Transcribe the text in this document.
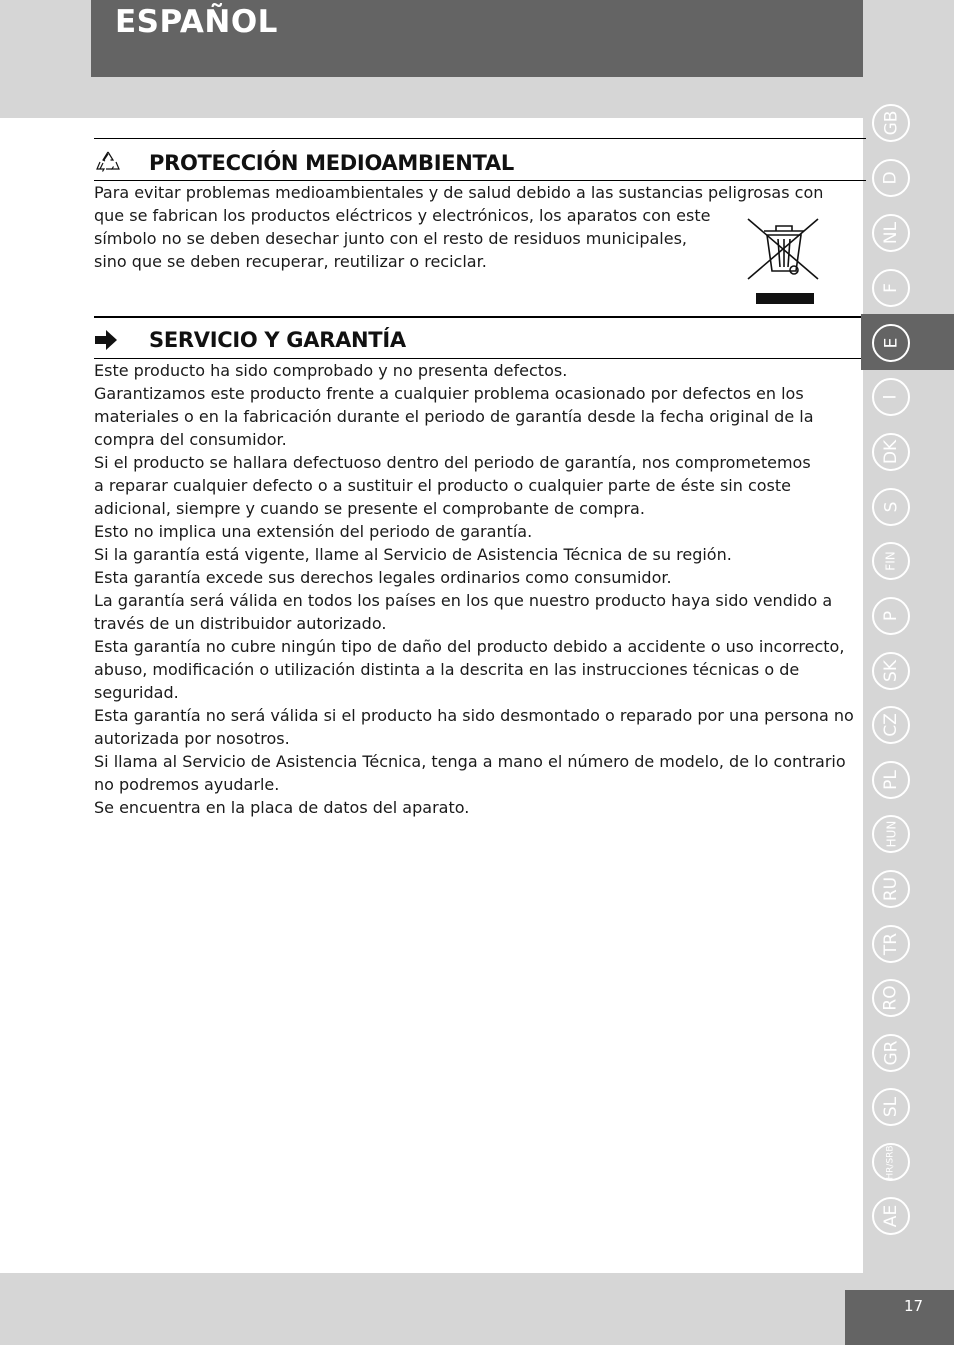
ESPAÑOL
PROTECCIÓN MEDIOAMBIENTAL
Para evitar problemas medioambientales y de salud debido a las sustancias peligrosas con
que se fabrican los productos eléctricos y electrónicos, los aparatos con este
símbolo no se deben desechar junto con el resto de residuos municipales,
sino que se deben recuperar, reutilizar o reciclar.
SERVICIO Y GARANTÍA
Este producto ha sido comprobado y no presenta defectos.
Garantizamos este producto frente a cualquier problema ocasionado por defectos en los
materiales o en la fabricación durante el periodo de garantía desde la fecha original de la
compra del consumidor.
Si el producto se hallara defectuoso dentro del periodo de garantía, nos comprometemos
a reparar cualquier defecto o a sustituir el producto o cualquier parte de éste sin coste
adicional, siempre y cuando se presente el comprobante de compra.
Esto no implica una extensión del periodo de garantía.
Si la garantía está vigente, llame al Servicio de Asistencia Técnica de su región.
Esta garantía excede sus derechos legales ordinarios como consumidor.
La garantía será válida en todos los países en los que nuestro producto haya sido vendido a
través de un distribuidor autorizado.
Esta garantía no cubre ningún tipo de daño del producto debido a accidente o uso incorrecto,
abuso, modificación o utilización distinta a la descrita en las instrucciones técnicas o de
seguridad.
Esta garantía no será válida si el producto ha sido desmontado o reparado por una persona no
autorizada por nosotros.
Si llama al Servicio de Asistencia Técnica, tenga a mano el número de modelo, de lo contrario
no podremos ayudarle.
Se encuentra en la placa de datos del aparato.
GB
D
NL
F
E
I
DK
S
FIN
P
SK
CZ
PL
HUN
RU
TR
RO
GR
SL
HR/SRB
AE
17
